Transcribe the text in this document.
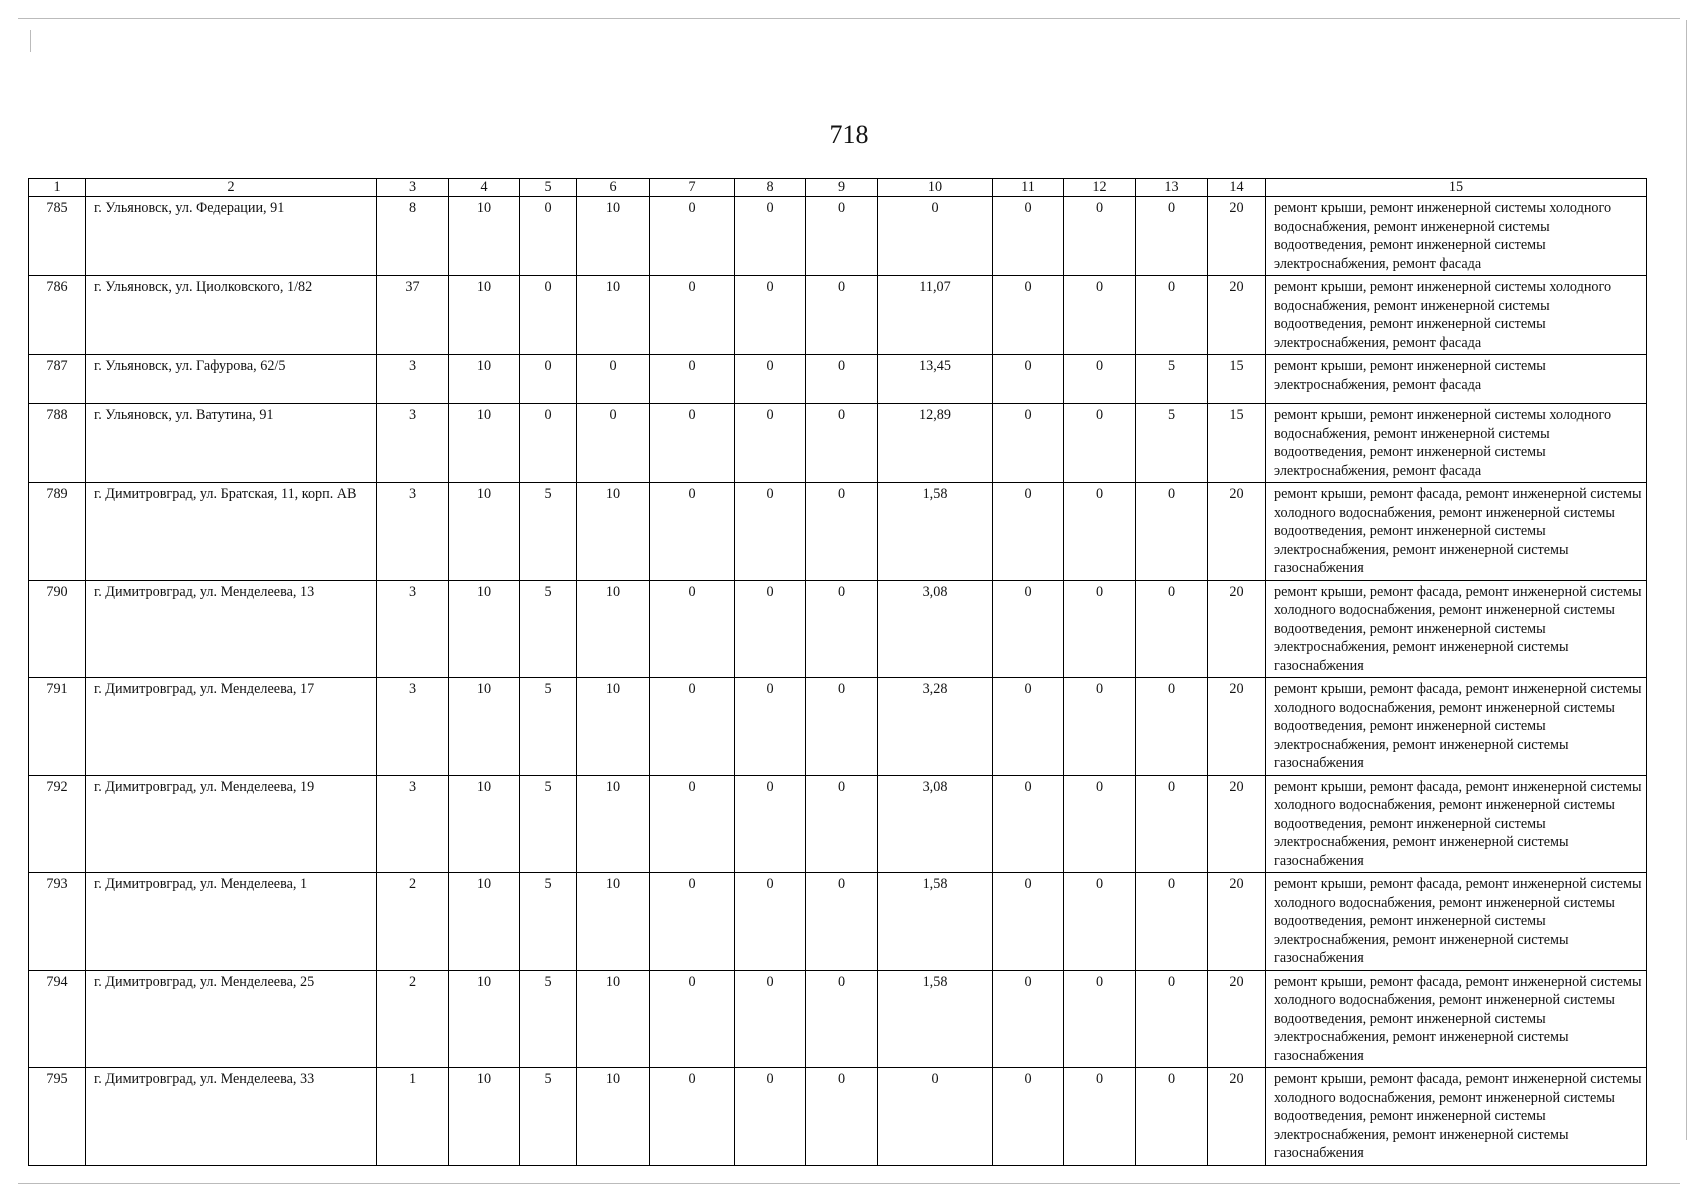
718
1	2	3	4	5	6	7	8	9	10	11	12	13	14	15
785	г. Ульяновск, ул. Федерации, 91	8	10	0	10	0	0	0	0	0	0	0	20	ремонт крыши, ремонт инженерной системы холодного водоснабжения, ремонт инженерной системы водоотведения, ремонт инженерной системы электроснабжения, ремонт фасада
786	г. Ульяновск, ул. Циолковского, 1/82	37	10	0	10	0	0	0	11,07	0	0	0	20	ремонт крыши, ремонт инженерной системы холодного водоснабжения, ремонт инженерной системы водоотведения, ремонт инженерной системы электроснабжения, ремонт фасада
787	г. Ульяновск, ул. Гафурова, 62/5	3	10	0	0	0	0	0	13,45	0	0	5	15	ремонт крыши, ремонт инженерной системы электроснабжения, ремонт фасада
788	г. Ульяновск, ул. Ватутина, 91	3	10	0	0	0	0	0	12,89	0	0	5	15	ремонт крыши, ремонт инженерной системы холодного водоснабжения, ремонт инженерной системы водоотведения, ремонт инженерной системы электроснабжения, ремонт фасада
789	г. Димитровград, ул. Братская, 11, корп. АВ	3	10	5	10	0	0	0	1,58	0	0	0	20	ремонт крыши, ремонт фасада, ремонт инженерной системы холодного водоснабжения, ремонт инженерной системы водоотведения, ремонт инженерной системы электроснабжения, ремонт инженерной системы газоснабжения
790	г. Димитровград, ул. Менделеева, 13	3	10	5	10	0	0	0	3,08	0	0	0	20	ремонт крыши, ремонт фасада, ремонт инженерной системы холодного водоснабжения, ремонт инженерной системы водоотведения, ремонт инженерной системы электроснабжения, ремонт инженерной системы газоснабжения
791	г. Димитровград, ул. Менделеева, 17	3	10	5	10	0	0	0	3,28	0	0	0	20	ремонт крыши, ремонт фасада, ремонт инженерной системы холодного водоснабжения, ремонт инженерной системы водоотведения, ремонт инженерной системы электроснабжения, ремонт инженерной системы газоснабжения
792	г. Димитровград, ул. Менделеева, 19	3	10	5	10	0	0	0	3,08	0	0	0	20	ремонт крыши, ремонт фасада, ремонт инженерной системы холодного водоснабжения, ремонт инженерной системы водоотведения, ремонт инженерной системы электроснабжения, ремонт инженерной системы газоснабжения
793	г. Димитровград, ул. Менделеева, 1	2	10	5	10	0	0	0	1,58	0	0	0	20	ремонт крыши, ремонт фасада, ремонт инженерной системы холодного водоснабжения, ремонт инженерной системы водоотведения, ремонт инженерной системы электроснабжения, ремонт инженерной системы газоснабжения
794	г. Димитровград, ул. Менделеева, 25	2	10	5	10	0	0	0	1,58	0	0	0	20	ремонт крыши, ремонт фасада, ремонт инженерной системы холодного водоснабжения, ремонт инженерной системы водоотведения, ремонт инженерной системы электроснабжения, ремонт инженерной системы газоснабжения
795	г. Димитровград, ул. Менделеева, 33	1	10	5	10	0	0	0	0	0	0	0	20	ремонт крыши, ремонт фасада, ремонт инженерной системы холодного водоснабжения, ремонт инженерной системы водоотведения, ремонт инженерной системы электроснабжения, ремонт инженерной системы газоснабжения
